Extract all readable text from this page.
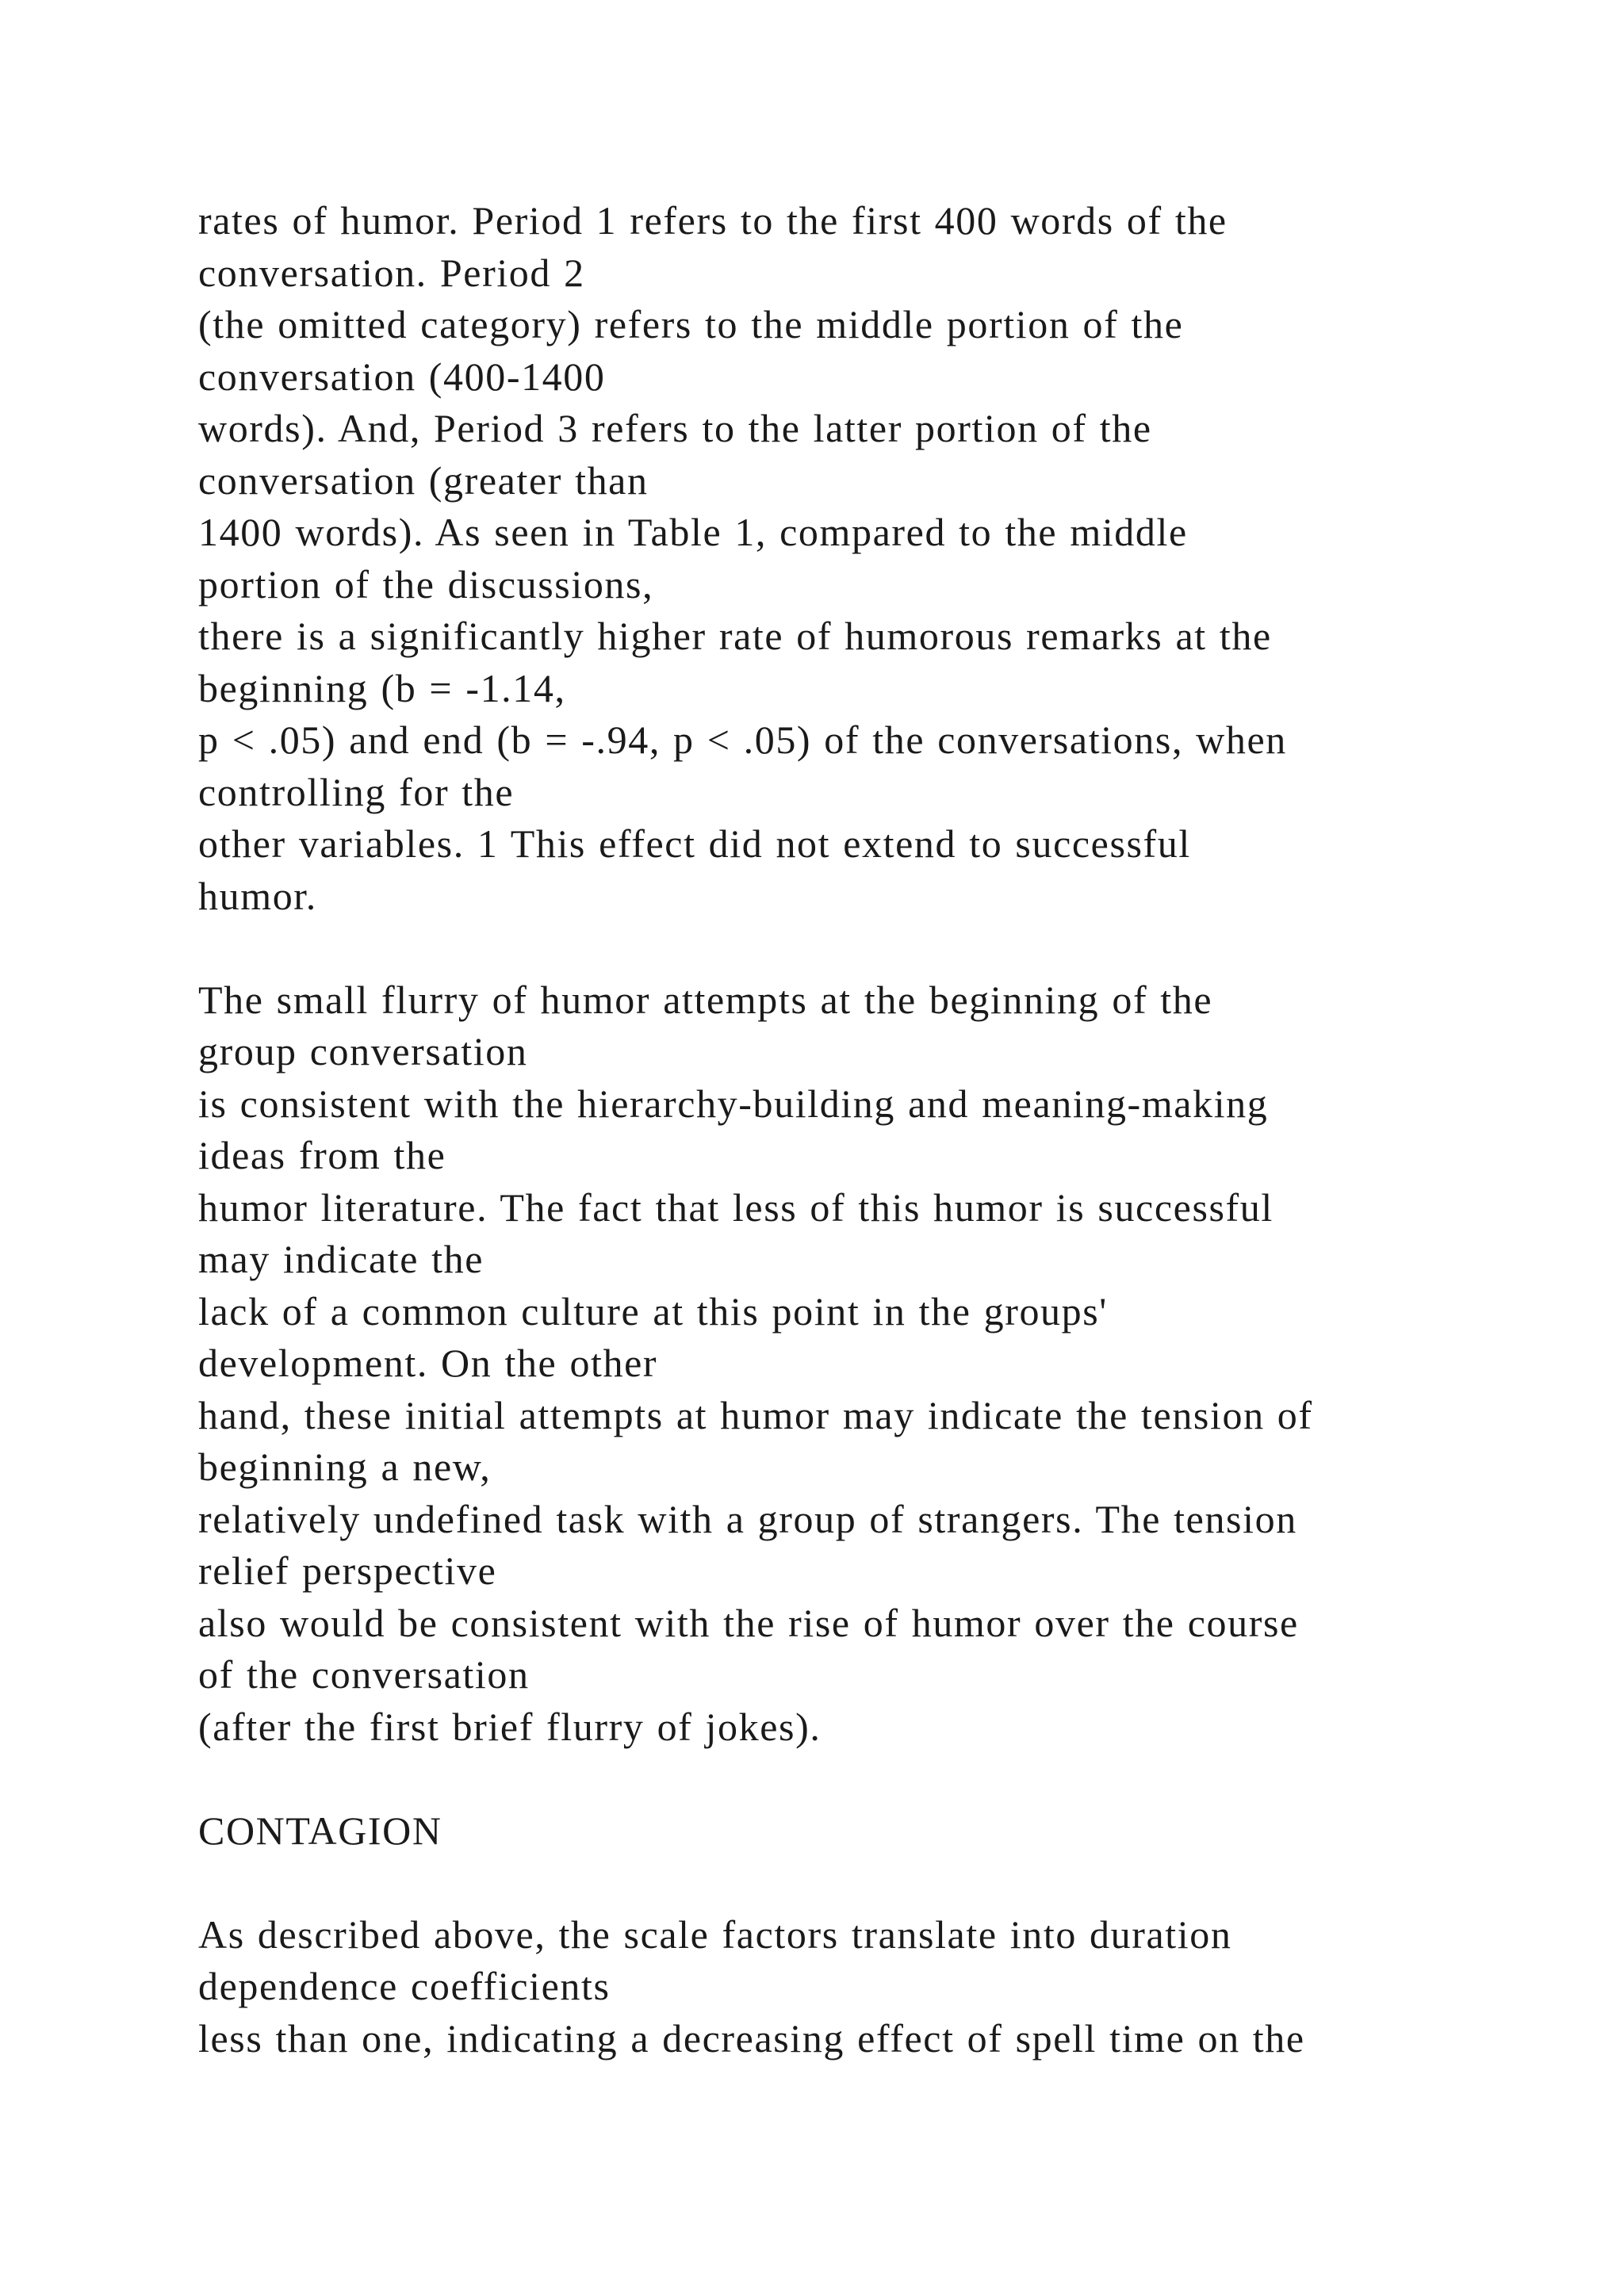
rates of humor. Period 1 refers to the first 400 words of the
conversation. Period 2
(the omitted category) refers to the middle portion of the
conversation (400-1400
words). And, Period 3 refers to the latter portion of the
conversation (greater than
1400 words). As seen in Table 1, compared to the middle
portion of the discussions,
there is a significantly higher rate of humorous remarks at the
beginning (b = -1.14,
p < .05) and end (b = -.94, p < .05) of the conversations, when
controlling for the
other variables. 1 This effect did not extend to successful
humor.
The small flurry of humor attempts at the beginning of the
group conversation
is consistent with the hierarchy-building and meaning-making
ideas from the
humor literature. The fact that less of this humor is successful
may indicate the
lack of a common culture at this point in the groups'
development. On the other
hand, these initial attempts at humor may indicate the tension of
beginning a new,
relatively undefined task with a group of strangers. The tension
relief perspective
also would be consistent with the rise of humor over the course
of the conversation
(after the first brief flurry of jokes).
CONTAGION
As described above, the scale factors translate into duration
dependence coefficients
less than one, indicating a decreasing effect of spell time on the
